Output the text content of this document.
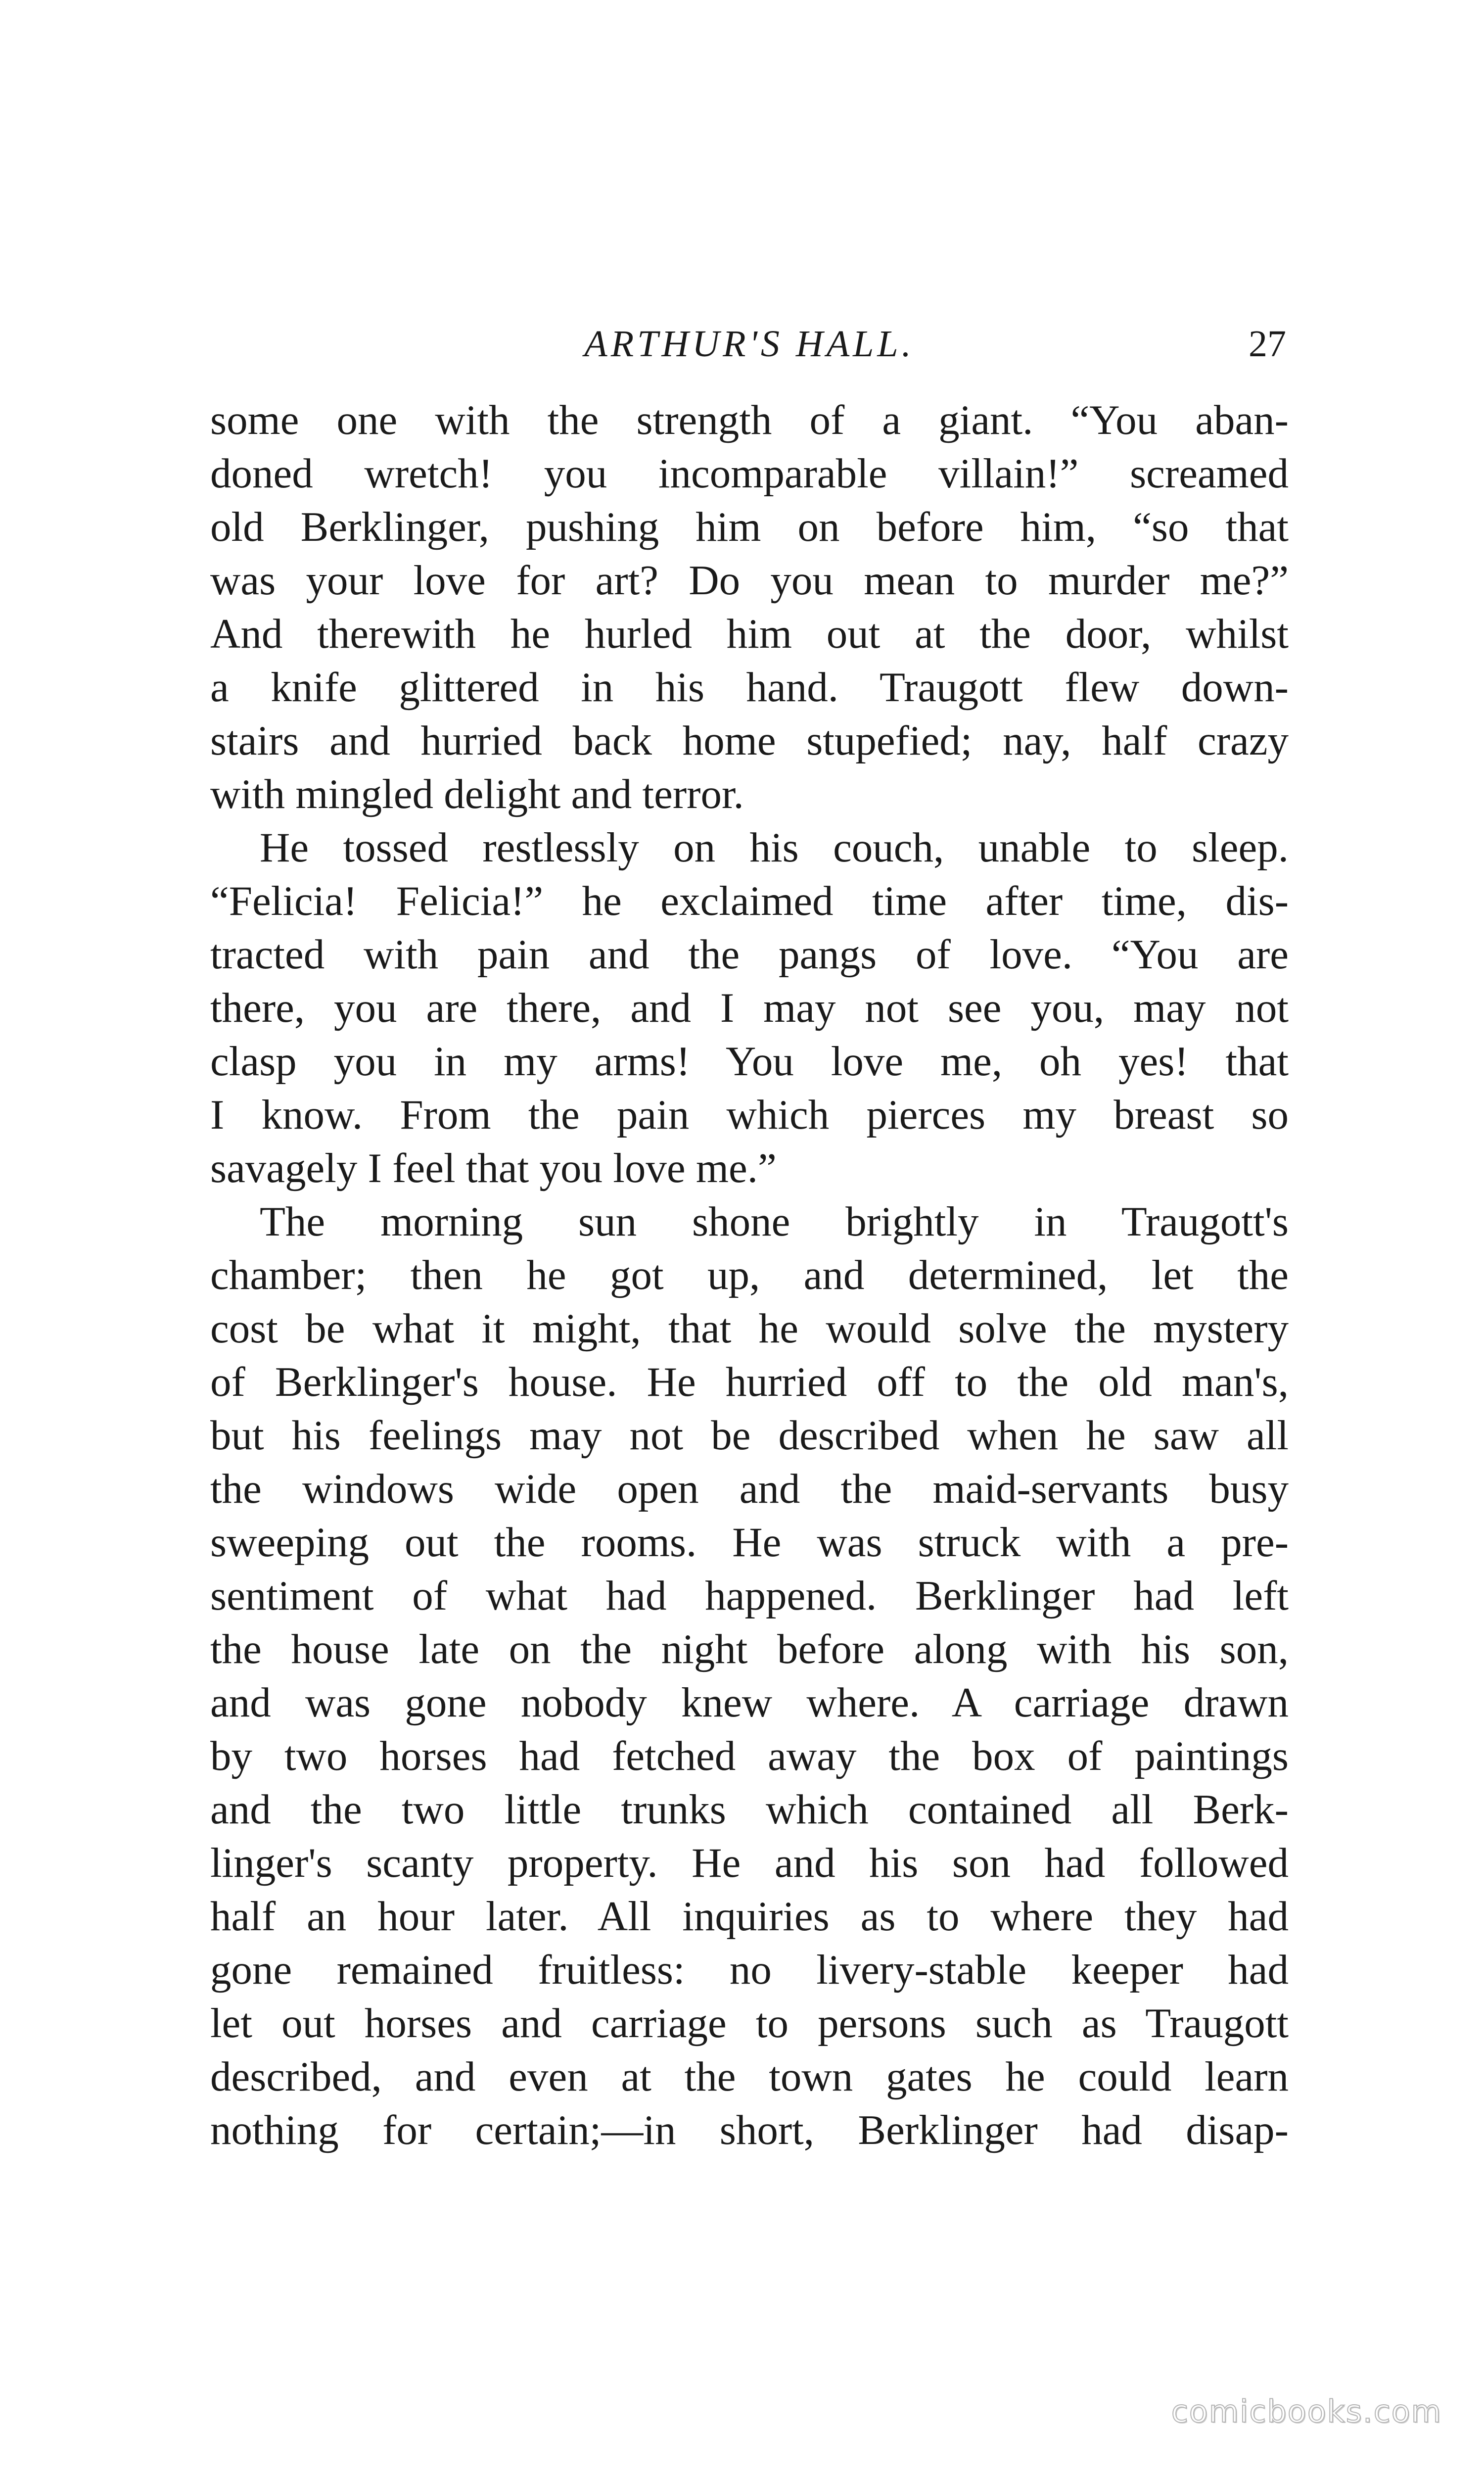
ARTHUR'S HALL.	27
some one with the strength of a giant. “You aban-
doned wretch! you incomparable villain!” screamed
old Berklinger, pushing him on before him, “so that
was your love for art? Do you mean to murder me?”
And therewith he hurled him out at the door, whilst
a knife glittered in his hand. Traugott flew down-
stairs and hurried back home stupefied; nay, half crazy
with mingled delight and terror.
He tossed restlessly on his couch, unable to sleep.
“Felicia! Felicia!” he exclaimed time after time, dis-
tracted with pain and the pangs of love. “You are
there, you are there, and I may not see you, may not
clasp you in my arms! You love me, oh yes! that
I know. From the pain which pierces my breast so
savagely I feel that you love me.”
The morning sun shone brightly in Traugott's
chamber; then he got up, and determined, let the
cost be what it might, that he would solve the mystery
of Berklinger's house. He hurried off to the old man's,
but his feelings may not be described when he saw all
the windows wide open and the maid-servants busy
sweeping out the rooms. He was struck with a pre-
sentiment of what had happened. Berklinger had left
the house late on the night before along with his son,
and was gone nobody knew where. A carriage drawn
by two horses had fetched away the box of paintings
and the two little trunks which contained all Berk-
linger's scanty property. He and his son had followed
half an hour later. All inquiries as to where they had
gone remained fruitless: no livery-stable keeper had
let out horses and carriage to persons such as Traugott
described, and even at the town gates he could learn
nothing for certain;—in short, Berklinger had disap-
comicbooks.com
